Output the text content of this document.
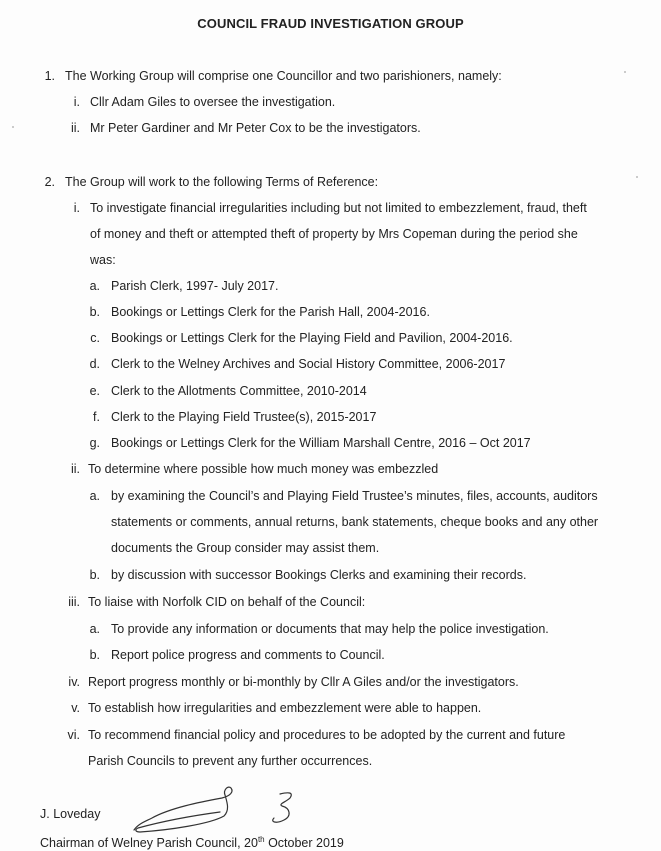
COUNCIL FRAUD INVESTIGATION GROUP
1. The Working Group will comprise one Councillor and two parishioners, namely:
i. Cllr Adam Giles to oversee the investigation.
ii. Mr Peter Gardiner and Mr Peter Cox to be the investigators.
2. The Group will work to the following Terms of Reference:
i. To investigate financial irregularities including but not limited to embezzlement, fraud, theft
of money and theft or attempted theft of property by Mrs Copeman during the period she
was:
a. Parish Clerk, 1997- July 2017.
b. Bookings or Lettings Clerk for the Parish Hall, 2004-2016.
c. Bookings or Lettings Clerk for the Playing Field and Pavilion, 2004-2016.
d. Clerk to the Welney Archives and Social History Committee, 2006-2017
e. Clerk to the Allotments Committee, 2010-2014
f. Clerk to the Playing Field Trustee(s), 2015-2017
g. Bookings or Lettings Clerk for the William Marshall Centre, 2016 – Oct 2017
ii. To determine where possible how much money was embezzled
a. by examining the Council’s and Playing Field Trustee’s minutes, files, accounts, auditors
statements or comments, annual returns, bank statements, cheque books and any other
documents the Group consider may assist them.
b. by discussion with successor Bookings Clerks and examining their records.
iii. To liaise with Norfolk CID on behalf of the Council:
a. To provide any information or documents that may help the police investigation.
b. Report police progress and comments to Council.
iv. Report progress monthly or bi-monthly by Cllr A Giles and/or the investigators.
v. To establish how irregularities and embezzlement were able to happen.
vi. To recommend financial policy and procedures to be adopted by the current and future
Parish Councils to prevent any further occurrences.
J. Loveday
Chairman of Welney Parish Council, 20th October 2019
